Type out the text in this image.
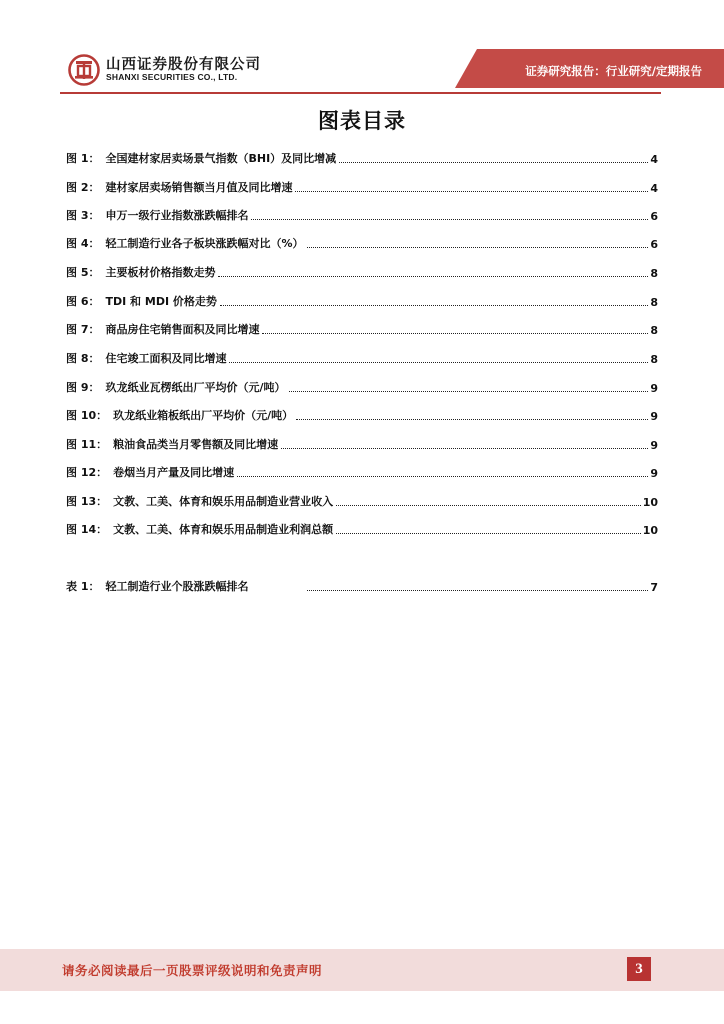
山西证券股份有限公司
SHANXI SECURITIES CO., LTD.	证券研究报告：行业研究/定期报告
图表目录
图 1： 全国建材家居卖场景气指数（BHI）及同比增减	4
图 2： 建材家居卖场销售额当月值及同比增速	4
图 3： 申万一级行业指数涨跌幅排名	6
图 4： 轻工制造行业各子板块涨跌幅对比（%）	6
图 5： 主要板材价格指数走势	8
图 6： TDI 和 MDI 价格走势	8
图 7： 商品房住宅销售面积及同比增速	8
图 8： 住宅竣工面积及同比增速	8
图 9： 玖龙纸业瓦楞纸出厂平均价（元/吨）	9
图 10： 玖龙纸业箱板纸出厂平均价（元/吨）	9
图 11： 粮油食品类当月零售额及同比增速	9
图 12： 卷烟当月产量及同比增速	9
图 13： 文教、工美、体育和娱乐用品制造业营业收入	10
图 14： 文教、工美、体育和娱乐用品制造业利润总额	10
表 1： 轻工制造行业个股涨跌幅排名	7
请务必阅读最后一页股票评级说明和免责声明	3
